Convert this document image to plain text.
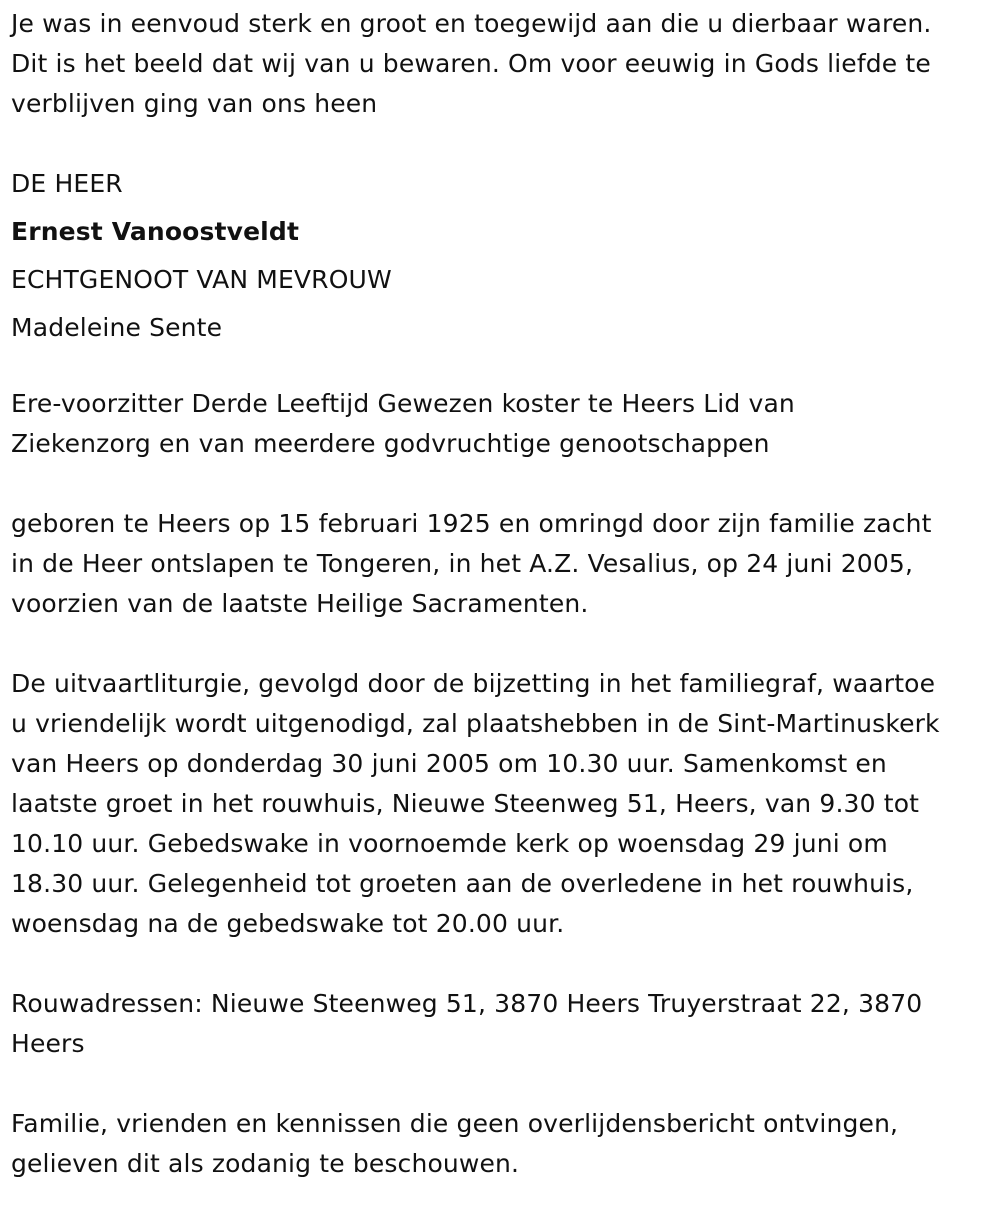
Je was in eenvoud sterk en groot en toegewijd aan die u dierbaar waren.
Dit is het beeld dat wij van u bewaren. Om voor eeuwig in Gods liefde te
verblijven ging van ons heen

DE HEER

Ernest Vanoostveldt

ECHTGENOOT VAN MEVROUW

Madeleine Sente

Ere-voorzitter Derde Leeftijd Gewezen koster te Heers Lid van
Ziekenzorg en van meerdere godvruchtige genootschappen

geboren te Heers op 15 februari 1925 en omringd door zijn familie zacht
in de Heer ontslapen te Tongeren, in het A.Z. Vesalius, op 24 juni 2005,
voorzien van de laatste Heilige Sacramenten.

De uitvaartliturgie, gevolgd door de bijzetting in het familiegraf, waartoe
u vriendelijk wordt uitgenodigd, zal plaatshebben in de Sint-Martinuskerk
van Heers op donderdag 30 juni 2005 om 10.30 uur. Samenkomst en
laatste groet in het rouwhuis, Nieuwe Steenweg 51, Heers, van 9.30 tot
10.10 uur. Gebedswake in voornoemde kerk op woensdag 29 juni om
18.30 uur. Gelegenheid tot groeten aan de overledene in het rouwhuis,
woensdag na de gebedswake tot 20.00 uur.

Rouwadressen: Nieuwe Steenweg 51, 3870 Heers Truyerstraat 22, 3870
Heers

Familie, vrienden en kennissen die geen overlijdensbericht ontvingen,
gelieven dit als zodanig te beschouwen.
